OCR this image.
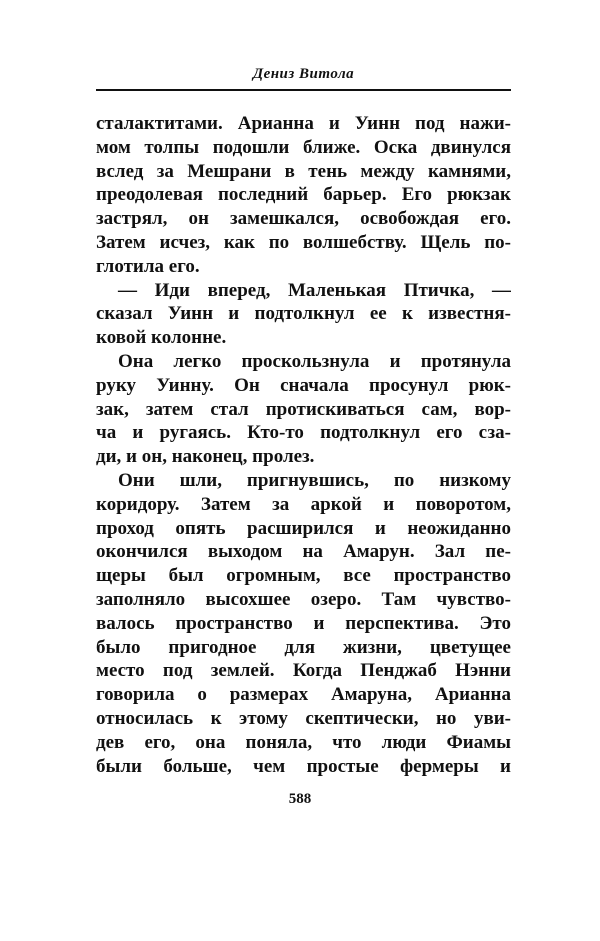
Дениз Витола
сталактитами. Арианна и Уинн под нажи-
мом толпы подошли ближе. Оска двинулся
вслед за Мешрани в тень между камнями,
преодолевая последний барьер. Его рюкзак
застрял, он замешкался, освобождая его.
Затем исчез, как по волшебству. Щель по-
глотила его.
— Иди вперед, Маленькая Птичка, —
сказал Уинн и подтолкнул ее к известня-
ковой колонне.
Она легко проскользнула и протянула
руку Уинну. Он сначала просунул рюк-
зак, затем стал протискиваться сам, вор-
ча и ругаясь. Кто-то подтолкнул его сза-
ди, и он, наконец, пролез.
Они шли, пригнувшись, по низкому
коридору. Затем за аркой и поворотом,
проход опять расширился и неожиданно
окончился выходом на Амарун. Зал пе-
щеры был огромным, все пространство
заполняло высохшее озеро. Там чувство-
валось пространство и перспектива. Это
было пригодное для жизни, цветущее
место под землей. Когда Пенджаб Нэнни
говорила о размерах Амаруна, Арианна
относилась к этому скептически, но уви-
дев его, она поняла, что люди Фиамы
были больше, чем простые фермеры и
588
